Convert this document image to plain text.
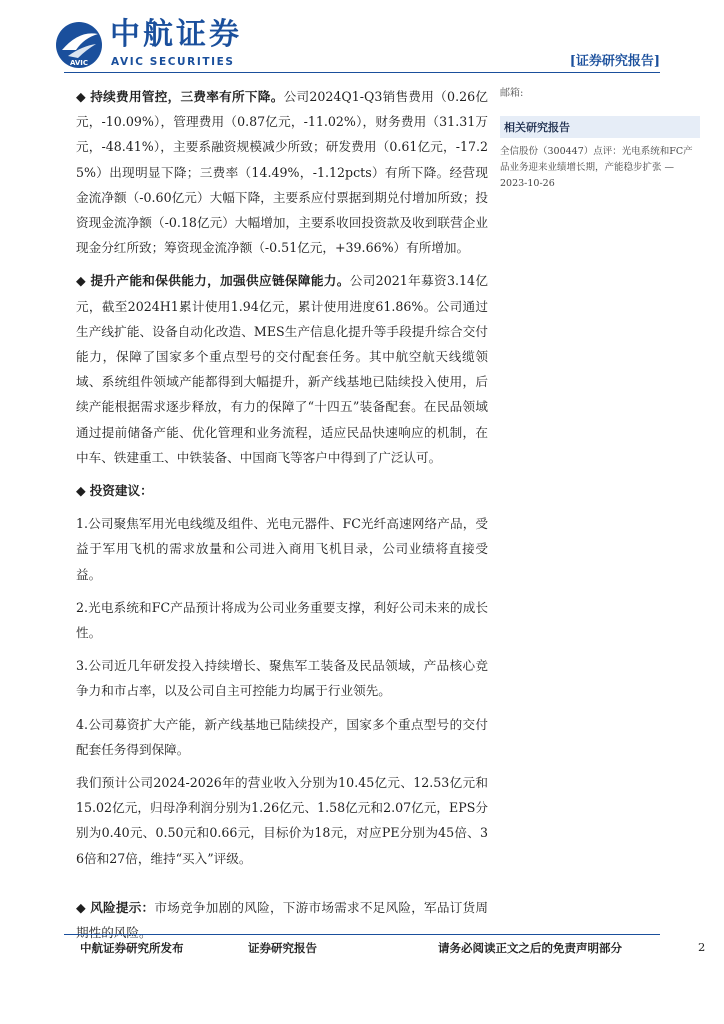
AVIC
中航证券
AVIC SECURITIES	[证券研究报告]

◆ 持续费用管控，三费率有所下降。公司2024Q1-Q3销售费用（0.26亿元，-10.09%），管理费用（0.87亿元，-11.02%），财务费用（31.31万元，-48.41%），主要系融资规模减少所致；研发费用（0.61亿元，-17.25%）出现明显下降；三费率（14.49%，-1.12pcts）有所下降。经营现金流净额（-0.60亿元）大幅下降，主要系应付票据到期兑付增加所致；投资现金流净额（-0.18亿元）大幅增加，主要系收回投资款及收到联营企业现金分红所致；筹资现金流净额（-0.51亿元，+39.66%）有所增加。

◆ 提升产能和保供能力，加强供应链保障能力。公司2021年募资3.14亿元，截至2024H1累计使用1.94亿元，累计使用进度61.86%。公司通过生产线扩能、设备自动化改造、MES生产信息化提升等手段提升综合交付能力，保障了国家多个重点型号的交付配套任务。其中航空航天线缆领域、系统组件领域产能都得到大幅提升，新产线基地已陆续投入使用，后续产能根据需求逐步释放，有力的保障了“十四五”装备配套。在民品领域通过提前储备产能、优化管理和业务流程，适应民品快速响应的机制，在中车、铁建重工、中铁装备、中国商飞等客户中得到了广泛认可。

◆ 投资建议：

1.公司聚焦军用光电线缆及组件、光电元器件、FC光纤高速网络产品，受益于军用飞机的需求放量和公司进入商用飞机目录，公司业绩将直接受益。

2.光电系统和FC产品预计将成为公司业务重要支撑，利好公司未来的成长性。

3.公司近几年研发投入持续增长、聚焦军工装备及民品领域，产品核心竞争力和市占率，以及公司自主可控能力均属于行业领先。

4.公司募资扩大产能，新产线基地已陆续投产，国家多个重点型号的交付配套任务得到保障。

我们预计公司2024-2026年的营业收入分别为10.45亿元、12.53亿元和15.02亿元，归母净利润分别为1.26亿元、1.58亿元和2.07亿元，EPS分别为0.40元、0.50元和0.66元，目标价为18元，对应PE分别为45倍、36倍和27倍，维持“买入”评级。

◆ 风险提示：市场竞争加剧的风险，下游市场需求不足风险，军品订货周期性的风险。

邮箱:
相关研究报告
全信股份（300447）点评：光电系统和FC产品业务迎来业绩增长期，产能稳步扩张 — 2023-10-26
中航证券研究所发布	证券研究报告	请务必阅读正文之后的免责声明部分	2
